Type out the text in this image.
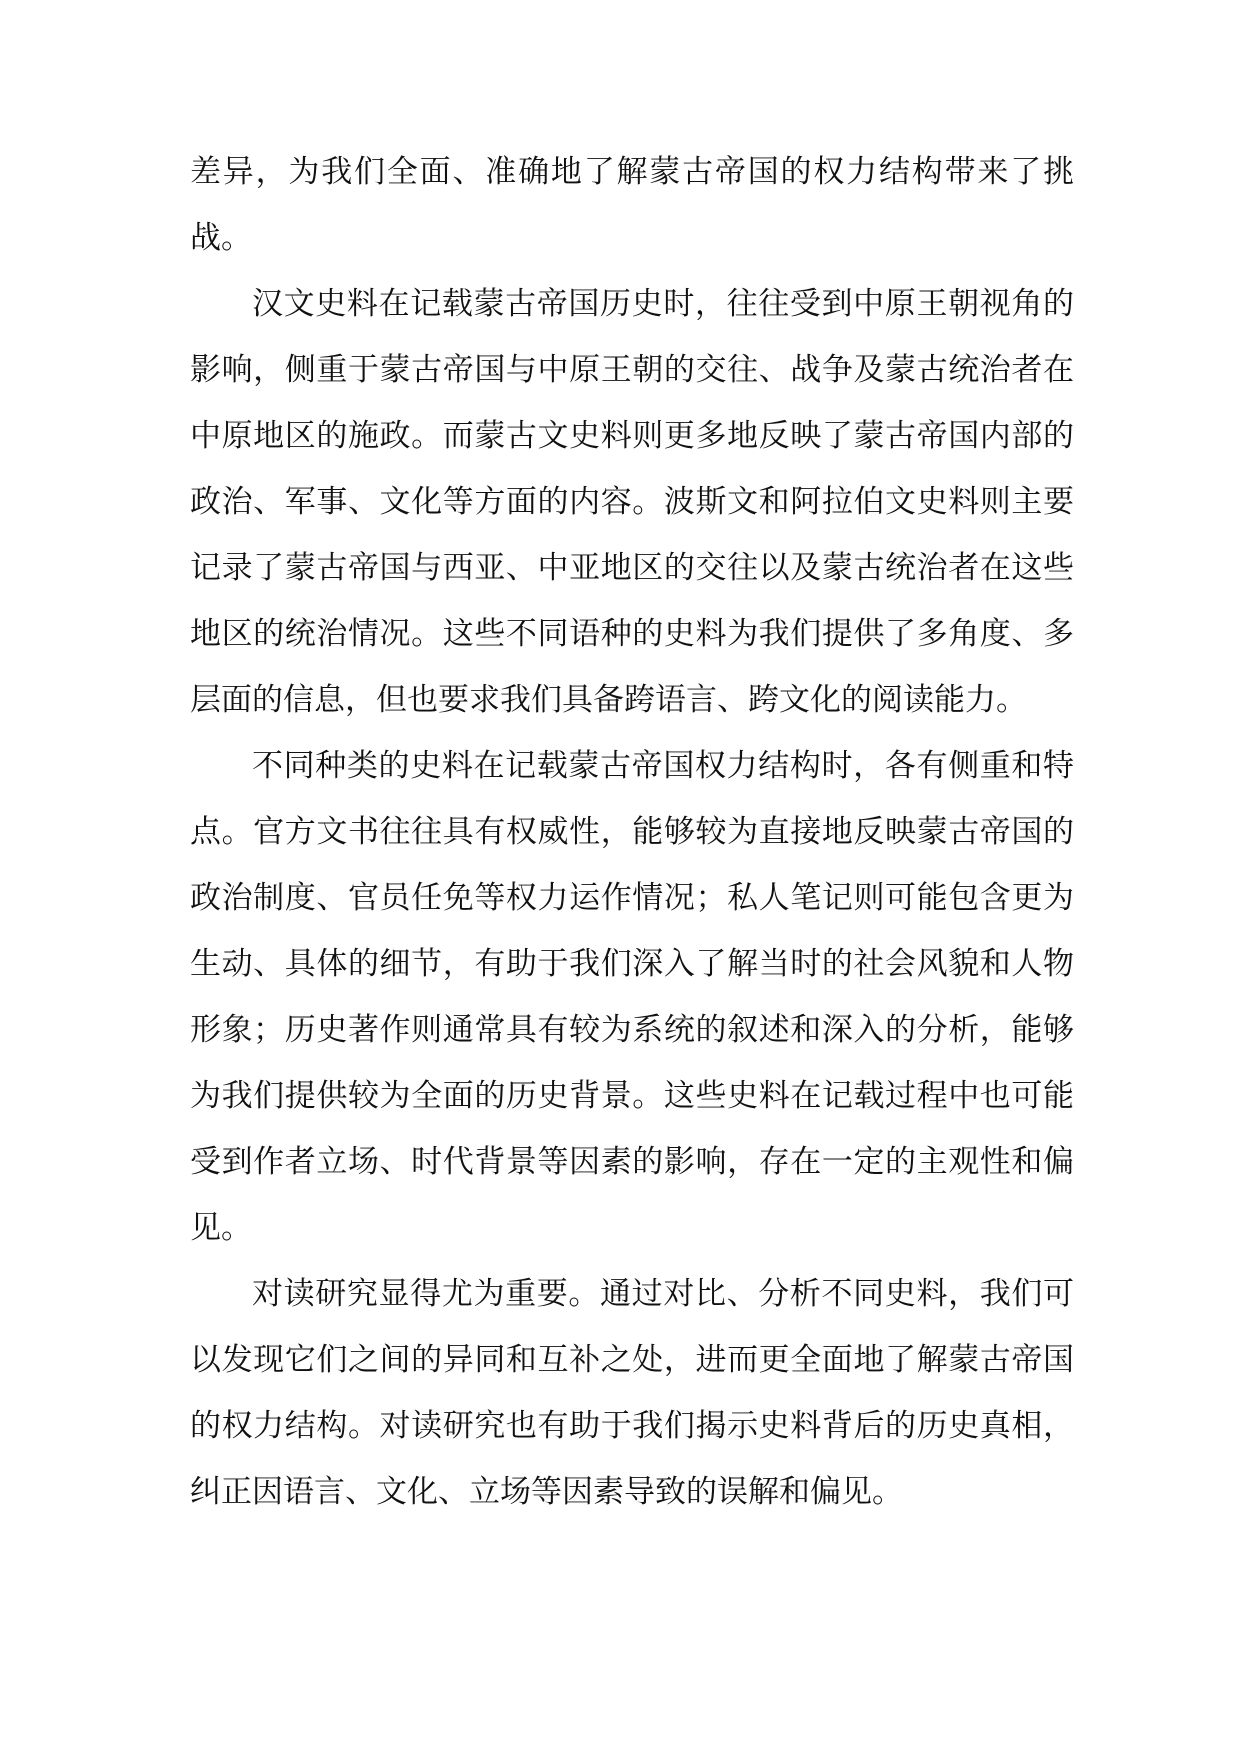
差异，为我们全面、准确地了解蒙古帝国的权力结构带来了挑战。

汉文史料在记载蒙古帝国历史时，往往受到中原王朝视角的影响，侧重于蒙古帝国与中原王朝的交往、战争及蒙古统治者在中原地区的施政。而蒙古文史料则更多地反映了蒙古帝国内部的政治、军事、文化等方面的内容。波斯文和阿拉伯文史料则主要记录了蒙古帝国与西亚、中亚地区的交往以及蒙古统治者在这些地区的统治情况。这些不同语种的史料为我们提供了多角度、多层面的信息，但也要求我们具备跨语言、跨文化的阅读能力。

不同种类的史料在记载蒙古帝国权力结构时，各有侧重和特点。官方文书往往具有权威性，能够较为直接地反映蒙古帝国的政治制度、官员任免等权力运作情况；私人笔记则可能包含更为生动、具体的细节，有助于我们深入了解当时的社会风貌和人物形象；历史著作则通常具有较为系统的叙述和深入的分析，能够为我们提供较为全面的历史背景。这些史料在记载过程中也可能受到作者立场、时代背景等因素的影响，存在一定的主观性和偏见。

对读研究显得尤为重要。通过对比、分析不同史料，我们可以发现它们之间的异同和互补之处，进而更全面地了解蒙古帝国的权力结构。对读研究也有助于我们揭示史料背后的历史真相，纠正因语言、文化、立场等因素导致的误解和偏见。
